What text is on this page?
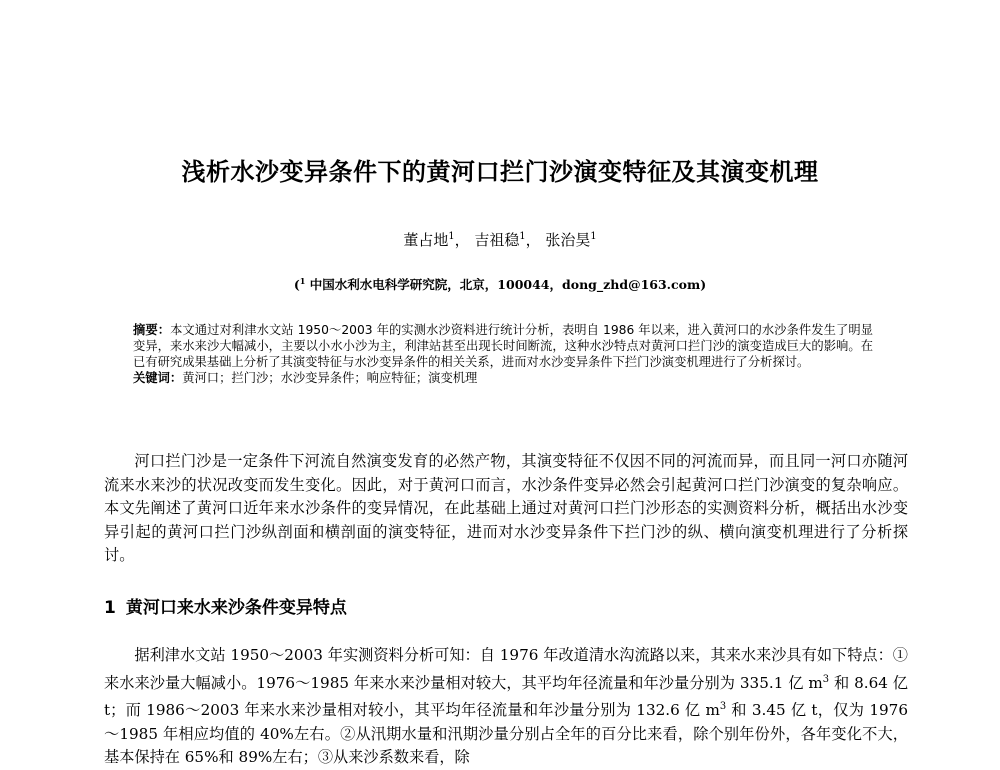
浅析水沙变异条件下的黄河口拦门沙演变特征及其演变机理
董占地$^1$， 吉祖稳$^1$， 张治昊$^1$
($^1$ 中国水利水电科学研究院，北京，100044，dong_zhd@163.com)
摘要：本文通过对利津水文站 1950～2003 年的实测水沙资料进行统计分析，表明自 1986 年以来，进入黄河口的水沙条件发生了明显变异，来水来沙大幅减小，主要以小水小沙为主，利津站甚至出现长时间断流，这种水沙特点对黄河口拦门沙的演变造成巨大的影响。在已有研究成果基础上分析了其演变特征与水沙变异条件的相关关系，进而对水沙变异条件下拦门沙演变机理进行了分析探讨。
关键词：黄河口；拦门沙；水沙变异条件；响应特征；演变机理
河口拦门沙是一定条件下河流自然演变发育的必然产物，其演变特征不仅因不同的河流而异，而且同一河口亦随河流来水来沙的状况改变而发生变化。因此，对于黄河口而言，水沙条件变异必然会引起黄河口拦门沙演变的复杂响应。本文先阐述了黄河口近年来水沙条件的变异情况，在此基础上通过对黄河口拦门沙形态的实测资料分析，概括出水沙变异引起的黄河口拦门沙纵剖面和横剖面的演变特征，进而对水沙变异条件下拦门沙的纵、横向演变机理进行了分析探讨。
1 黄河口来水来沙条件变异特点
据利津水文站 1950～2003 年实测资料分析可知：自 1976 年改道清水沟流路以来，其来水来沙具有如下特点：①来水来沙量大幅减小。1976～1985 年来水来沙量相对较大，其平均年径流量和年沙量分别为 335.1 亿 $m^3$ 和 8.64 亿 t；而 1986～2003 年来水来沙量相对较小，其平均年径流量和年沙量分别为 132.6 亿 $m^3$ 和 3.45 亿 t，仅为 1976～1985 年相应均值的 40%左右。②从汛期水量和汛期沙量分别占全年的百分比来看，除个别年份外，各年变化不大，基本保持在 65%和 89%左右；③从来沙系数来看，除
